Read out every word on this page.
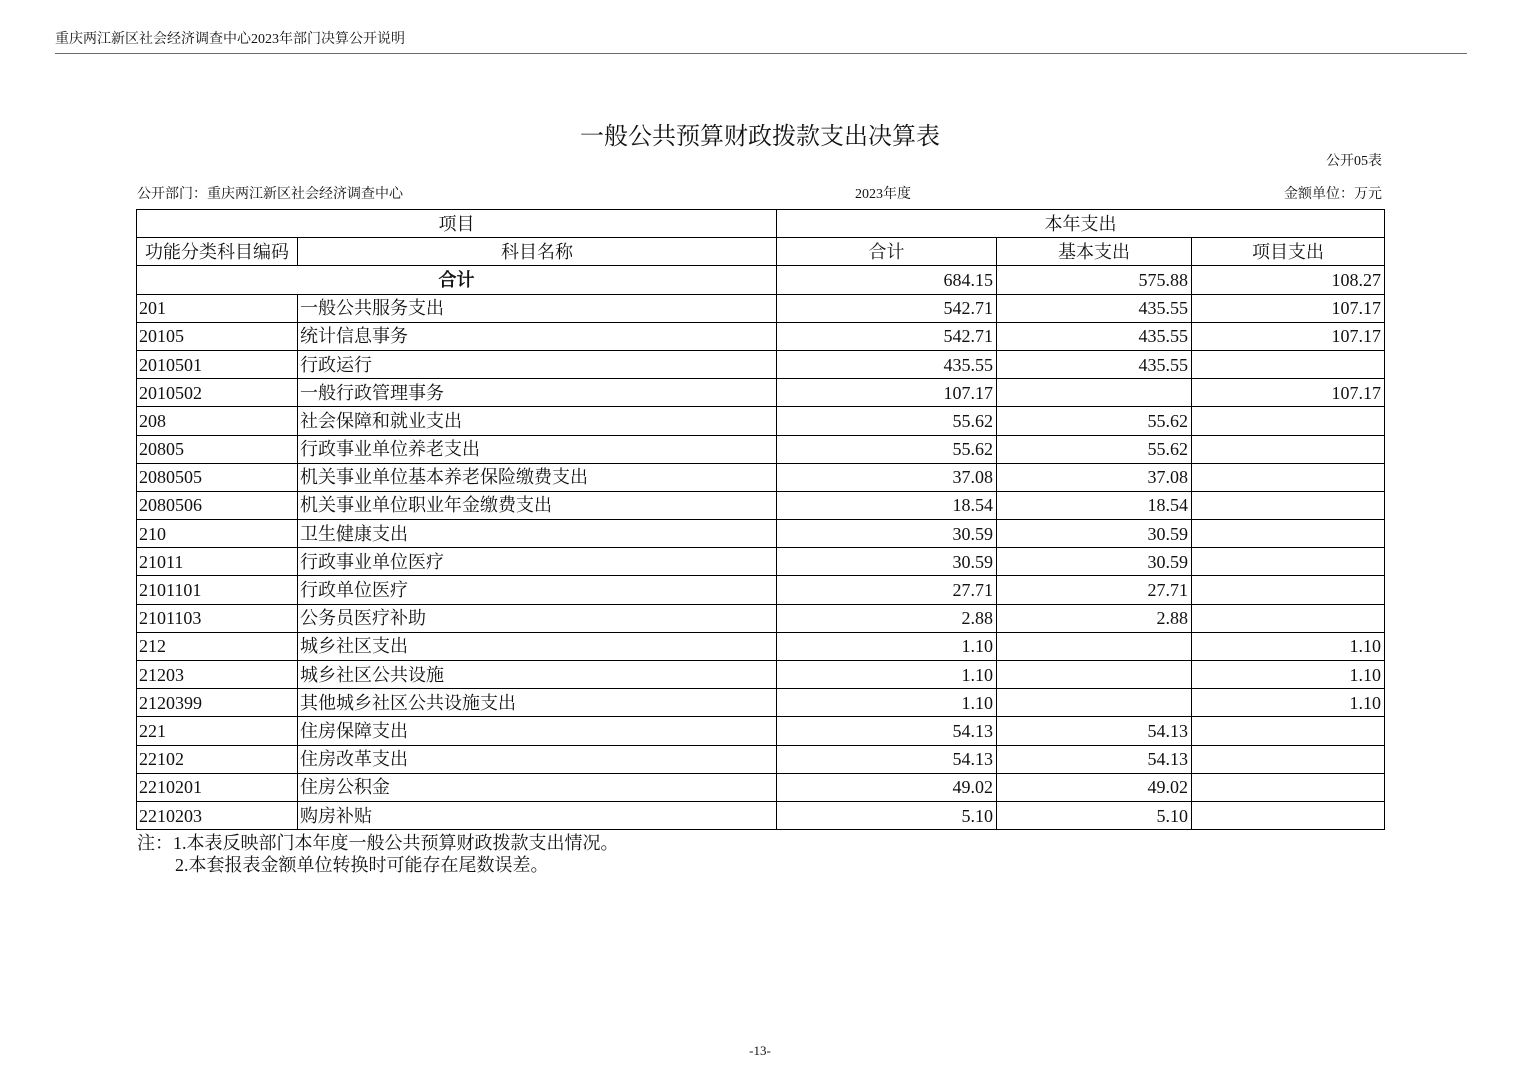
重庆两江新区社会经济调查中心2023年部门决算公开说明
一般公共预算财政拨款支出决算表
公开05表
公开部门：重庆两江新区社会经济调查中心	2023年度	金额单位：万元
项目		本年支出		
功能分类科目编码	科目名称	合计	基本支出	项目支出
合计		684.15	575.88	108.27
201	一般公共服务支出	542.71	435.55	107.17
20105	统计信息事务	542.71	435.55	107.17
2010501	行政运行	435.55	435.55	
2010502	一般行政管理事务	107.17		107.17
208	社会保障和就业支出	55.62	55.62	
20805	行政事业单位养老支出	55.62	55.62	
2080505	机关事业单位基本养老保险缴费支出	37.08	37.08	
2080506	机关事业单位职业年金缴费支出	18.54	18.54	
210	卫生健康支出	30.59	30.59	
21011	行政事业单位医疗	30.59	30.59	
2101101	行政单位医疗	27.71	27.71	
2101103	公务员医疗补助	2.88	2.88	
212	城乡社区支出	1.10		1.10
21203	城乡社区公共设施	1.10		1.10
2120399	其他城乡社区公共设施支出	1.10		1.10
221	住房保障支出	54.13	54.13	
22102	住房改革支出	54.13	54.13	
2210201	住房公积金	49.02	49.02	
2210203	购房补贴	5.10	5.10	
注：1.本表反映部门本年度一般公共预算财政拨款支出情况。
2.本套报表金额单位转换时可能存在尾数误差。
-13-
